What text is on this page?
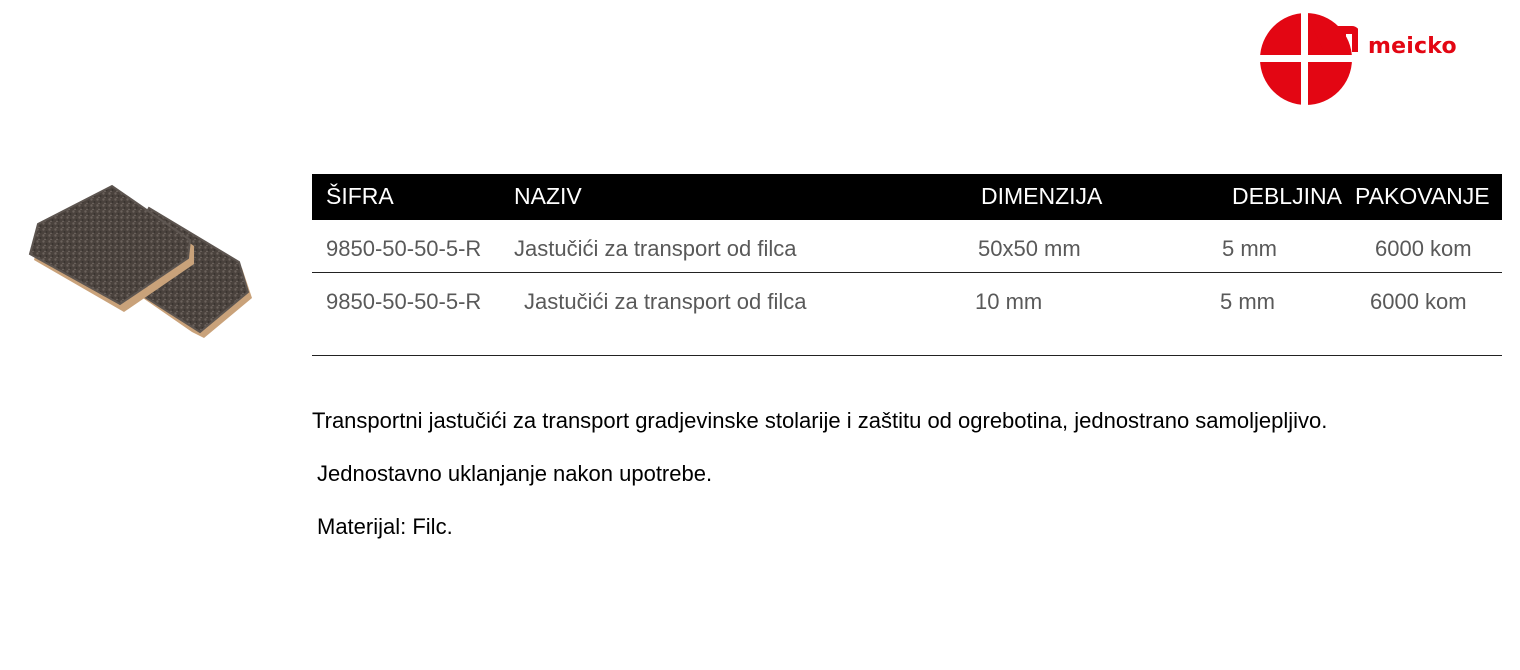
meicko
ŠIFRA	NAZIV	DIMENZIJA	DEBLJINA PAKOVANJE
9850-50-50-5-R Jastučići za transport od filca	50x50 mm	5 mm	6000 kom
9850-50-50-5-R Jastučići za transport od filca	10 mm	5 mm	6000 kom

Transportni jastučići za transport gradjevinske stolarije i zaštitu od ogrebotina, jednostrano samoljepljivo.

Jednostavno uklanjanje nakon upotrebe.

Materijal: Filc.
